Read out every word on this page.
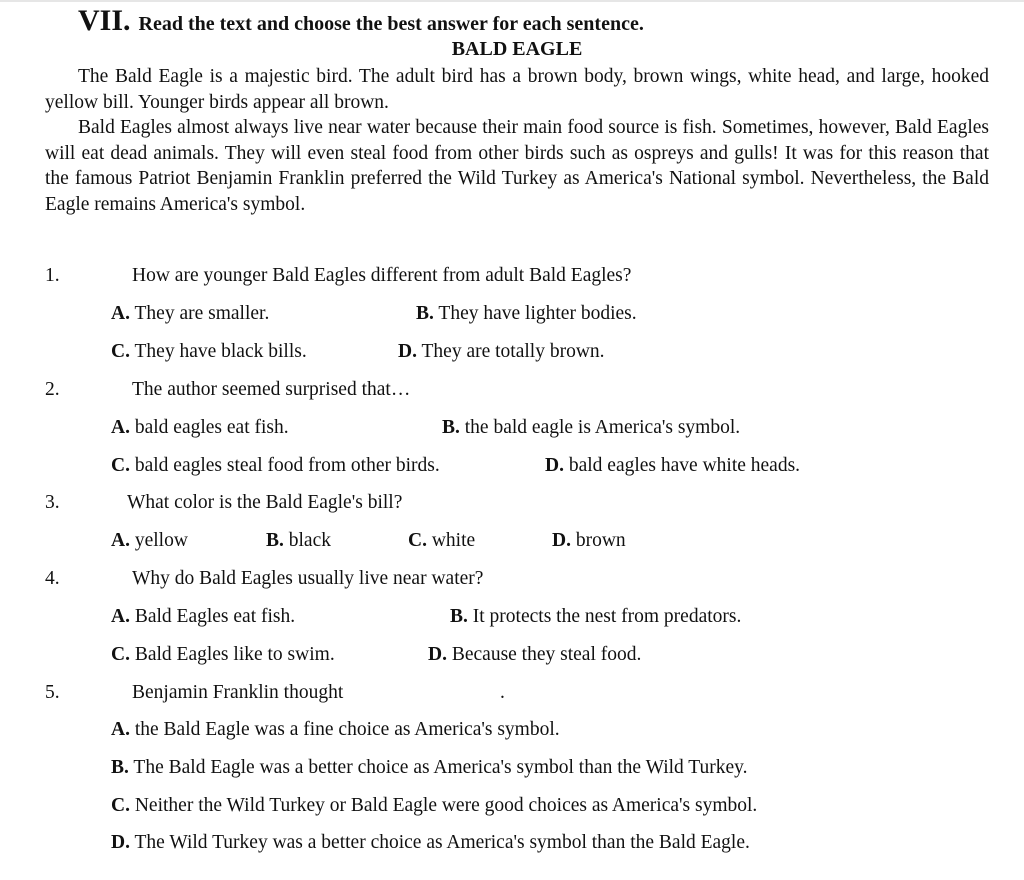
VII. Read the text and choose the best answer for each sentence.
BALD EAGLE

The Bald Eagle is a majestic bird. The adult bird has a brown body, brown wings, white head, and large, hooked yellow bill. Younger birds appear all brown.

Bald Eagles almost always live near water because their main food source is fish. Sometimes, however, Bald Eagles will eat dead animals. They will even steal food from other birds such as ospreys and gulls! It was for this reason that the famous Patriot Benjamin Franklin preferred the Wild Turkey as America's National symbol. Nevertheless, the Bald Eagle remains America's symbol.

1.	How are younger Bald Eagles different from adult Bald Eagles?
A. They are smaller.	B. They have lighter bodies.
C. They have black bills.	D. They are totally brown.
2.	The author seemed surprised that…
A. bald eagles eat fish.	B. the bald eagle is America's symbol.
C. bald eagles steal food from other birds.	D. bald eagles have white heads.
3.	What color is the Bald Eagle's bill?
A. yellow	B. black	C. white	D. brown
4.	Why do Bald Eagles usually live near water?
A. Bald Eagles eat fish.	B. It protects the nest from predators.
C. Bald Eagles like to swim.	D. Because they steal food.
5.	Benjamin Franklin thought	.
A. the Bald Eagle was a fine choice as America's symbol.
B. The Bald Eagle was a better choice as America's symbol than the Wild Turkey.
C. Neither the Wild Turkey or Bald Eagle were good choices as America's symbol.
D. The Wild Turkey was a better choice as America's symbol than the Bald Eagle.
